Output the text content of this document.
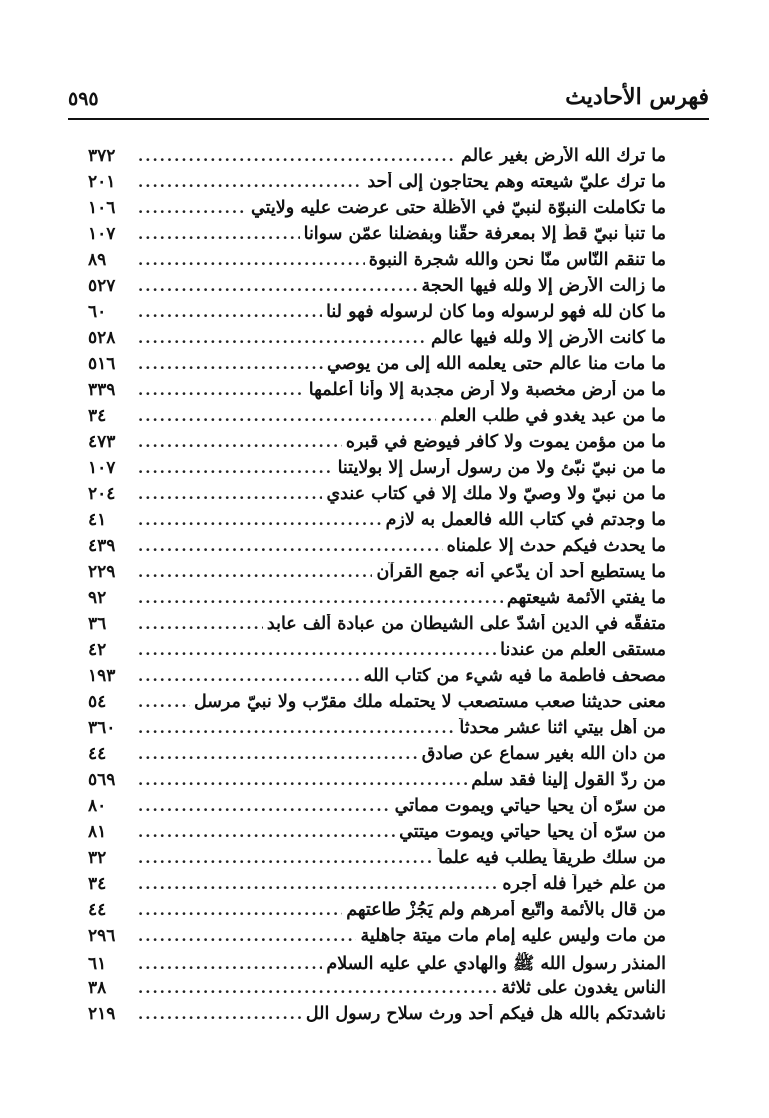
فهرس الأحاديث
٥٩٥
ما ترك الله الأرض بغير عالم
.....
٣٧٢
ما ترك عليّ شيعته وهم يحتاجون إلى أحد
.....
٢٠١
ما تكاملت النبوّة لنبيّ في الأظلّة حتى عرضت عليه ولايتي
.....
١٠٦
ما تنبأ نبيّ قطّ إلا بمعرفة حقّنا وبفضلنا عمّن سوانا
.....
١٠٧
ما تنقم النّاس منّا نحن والله شجرة النبوة
.....
٨٩
ما زالت الأرض إلا ولله فيها الحجة
.....
٥٢٧
ما كان لله فهو لرسوله وما كان لرسوله فهو لنا
.....
٦٠
ما كانت الأرض إلا ولله فيها عالم
.....
٥٢٨
ما مات منا عالم حتى يعلمه الله إلى من يوصي
.....
٥١٦
ما من أرض مخصبة ولا أرض مجدبة إلا وأنا أعلمها
.....
٣٣٩
ما من عبد يغدو في طلب العلم
.....
٣٤
ما من مؤمن يموت ولا كافر فيوضع في قبره
.....
٤٧٣
ما من نبيّ نبّئ ولا من رسول أرسل إلا بولايتنا
.....
١٠٧
ما من نبيّ ولا وصيّ ولا ملك إلا في كتاب عندي
.....
٢٠٤
ما وجدتم في كتاب الله فالعمل به لازم
.....
٤١
ما يحدث فيكم حدث إلا علمناه
.....
٤٣٩
ما يستطيع أحد أن يدّعي أنه جمع القرآن
.....
٢٢٩
ما يفتي الأئمة شيعتهم
.....
٩٢
متفقّه في الدين أشدّ على الشيطان من عبادة ألف عابد
.....
٣٦
مستقى العلم من عندنا
.....
٤٢
مصحف فاطمة ما فيه شيء من كتاب الله
.....
١٩٣
معنى حديثنا صعب مستصعب لا يحتمله ملك مقرّب ولا نبيّ مرسل
.....
٥٤
من أهل بيتي اثنا عشر محدثاً
.....
٣٦٠
من دان الله بغير سماع عن صادق
.....
٤٤
من ردّ القول إلينا فقد سلم
.....
٥٦٩
من سرّه أن يحيا حياتي ويموت مماتي
.....
٨٠
من سرّه أن يحيا حياتي ويموت ميتتي
.....
٨١
من سلك طريقاً يطلب فيه علماً
.....
٣٢
من علّم خيراً فله أجره
.....
٣٤
من قال بالأئمة واتّبع أمرهم ولم يَجُزْ طاعتهم
.....
٤٤
من مات وليس عليه إمام مات ميتة جاهلية
.....
٢٩٦
المنذر رسول الله ﷺ والهادي علي عليه السلام
.....
٦١
الناس يغدون على ثلاثة
.....
٣٨
ناشدتكم بالله هل فيكم أحد ورث سلاح رسول الل
.....
٢١٩
